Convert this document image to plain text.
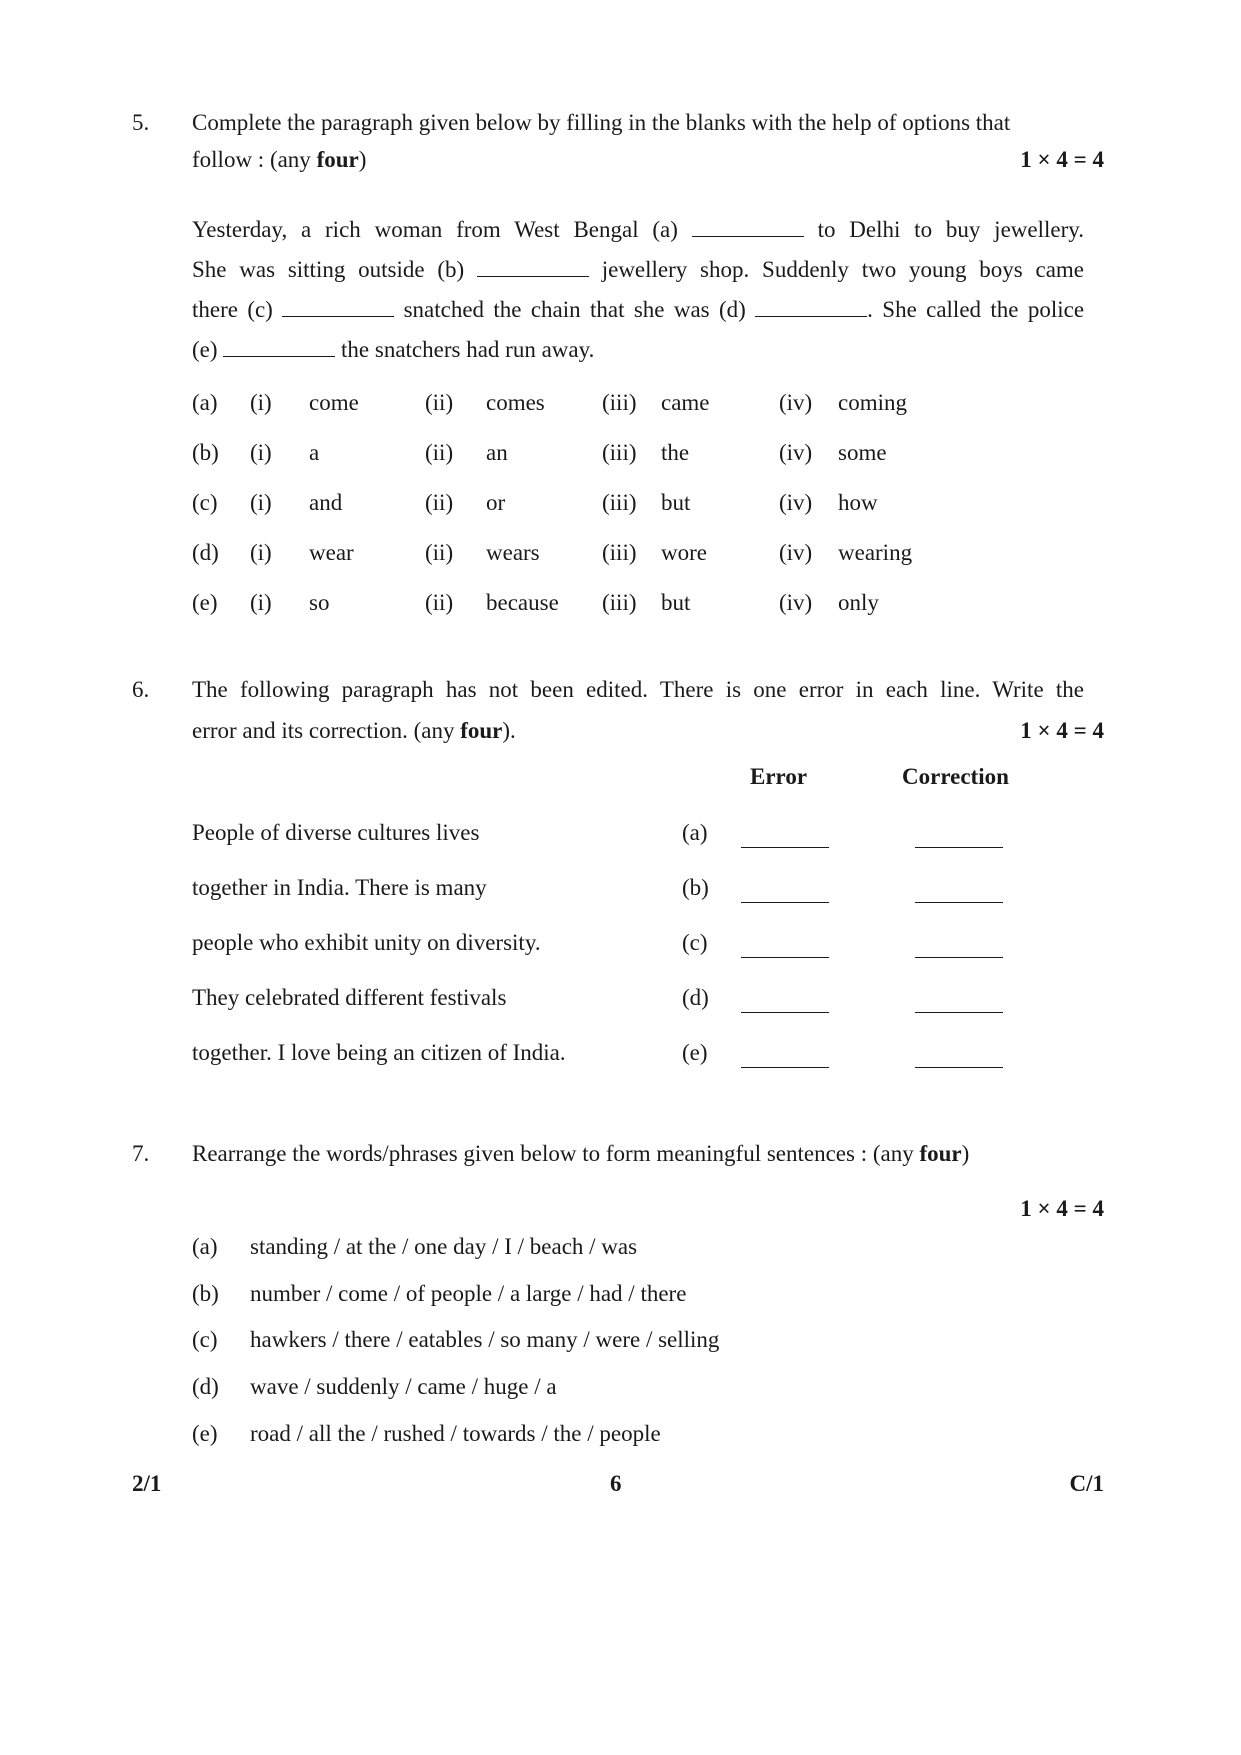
5. Complete the paragraph given below by filling in the blanks with the help of options that
follow : (any four)	1 × 4 = 4
Yesterday, a rich woman from West Bengal (a)	to Delhi to buy jewellery.
She was sitting outside (b)	jewellery shop. Suddenly two young boys came
there (c)	snatched the chain that she was (d)	. She called the police
(e)	the snatchers had run away.
(a) (i) come	(ii) comes (iii) came	(iv) coming
(b) (i) a	(ii) an	(iii) the	(iv) some
(c) (i) and	(ii) or	(iii) but	(iv) how
(d) (i) wear	(ii) wears	(iii) wore	(iv) wearing
(e) (i) so	(ii) because (iii) but	(iv) only
6. The following paragraph has not been edited. There is one error in each line. Write the
error and its correction. (any four).	1 × 4 = 4
Error	Correction
People of diverse cultures lives	(a)
together in India. There is many	(b)
people who exhibit unity on diversity.	(c)
They celebrated different festivals	(d)
together. I love being an citizen of India.	(e)
7. Rearrange the words/phrases given below to form meaningful sentences : (any four)
1 × 4 = 4
(a) standing / at the / one day / I / beach / was
(b) number / come / of people / a large / had / there
(c) hawkers / there / eatables / so many / were / selling
(d) wave / suddenly / came / huge / a
(e) road / all the / rushed / towards / the / people
2/1	6	C/1
